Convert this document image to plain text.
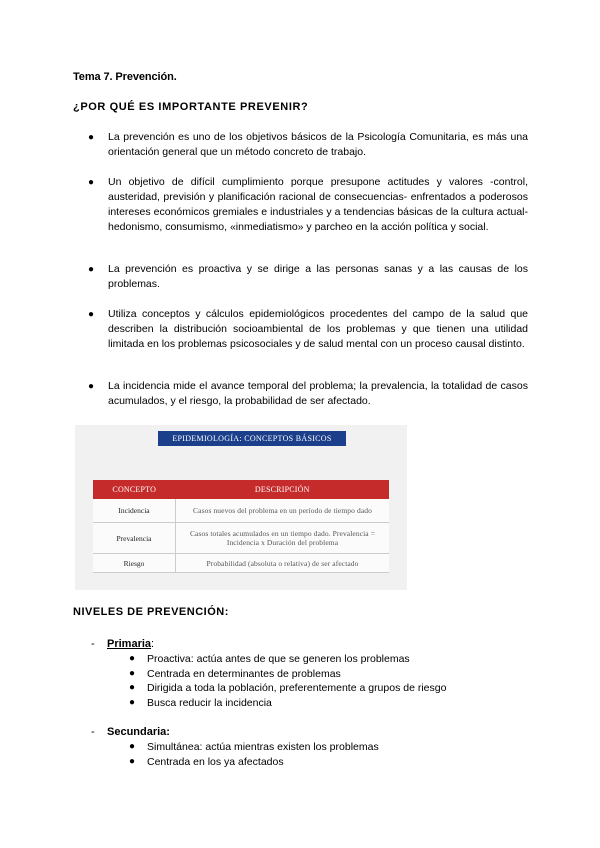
Tema 7. Prevención.
¿POR QUÉ ES IMPORTANTE PREVENIR?
● La prevención es uno de los objetivos básicos de la Psicología Comunitaria, es más una orientación general que un método concreto de trabajo.
● Un objetivo de difícil cumplimiento porque presupone actitudes y valores -control, austeridad, previsión y planificación racional de consecuencias- enfrentados a poderosos intereses económicos gremiales e industriales y a tendencias básicas de la cultura actual- hedonismo, consumismo, «inmediatismo» y parcheo en la acción política y social.
● La prevención es proactiva y se dirige a las personas sanas y a las causas de los problemas.
● Utiliza conceptos y cálculos epidemiológicos procedentes del campo de la salud que describen la distribución socioambiental de los problemas y que tienen una utilidad limitada en los problemas psicosociales y de salud mental con un proceso causal distinto.
● La incidencia mide el avance temporal del problema; la prevalencia, la totalidad de casos acumulados, y el riesgo, la probabilidad de ser afectado.
EPIDEMIOLOGÍA: CONCEPTOS BÁSICOS
CONCEPTO	DESCRIPCIÓN
Incidencia	Casos nuevos del problema en un período de tiempo dado
Prevalencia	Casos totales acumulados en un tiempo dado. Prevalencia = Incidencia x Duración del problema
Riesgo	Probabilidad (absoluta o relativa) de ser afectado
NIVELES DE PREVENCIÓN:
- Primaria:
● Proactiva: actúa antes de que se generen los problemas
● Centrada en determinantes de problemas
● Dirigida a toda la población, preferentemente a grupos de riesgo
● Busca reducir la incidencia
- Secundaria:
● Simultánea: actúa mientras existen los problemas
● Centrada en los ya afectados
